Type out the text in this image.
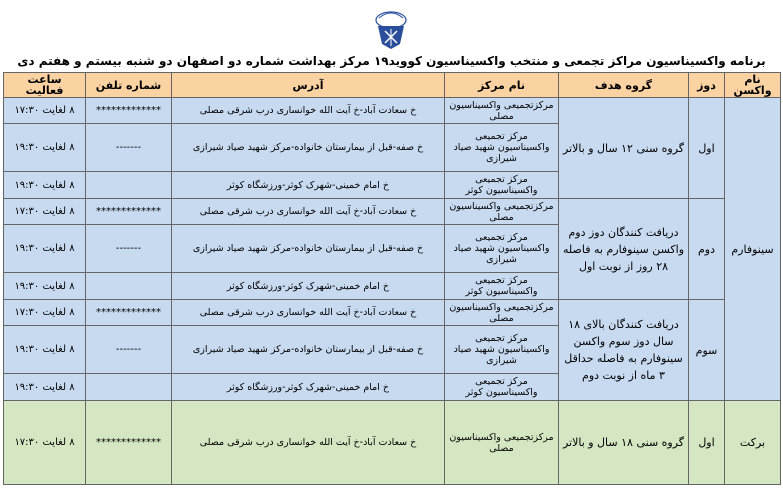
برنامه واکسیناسیون مراکز تجمعی و منتخب واکسیناسیون کووید۱۹ مرکز بهداشت شماره دو اصفهان دو شنبه بیستم و هفتم دی
نام واکسن	دوز	گروه هدف	نام مرکز	آدرس	شماره تلفن	ساعت فعالیت
سینوفارم	اول	گروه سنی ۱۲ سال و بالاتر	مرکزتجمیعی واکسیناسیون مصلی	خ سعادت آباد-خ آیت الله خوانساری درب شرقی مصلی	*************	۸ لغایت ۱۷:۳۰
			مرکز تجمیعی واکسیناسیون شهید صیاد شیرازی	خ صفه-قبل از بیمارستان خانواده-مرکز شهید صیاد شیرازی	-------	۸ لغایت ۱۹:۳۰
			مرکز تجمیعی واکسیناسیون کوثر	خ امام خمینی-شهرک کوثر-ورزشگاه کوثر		۸ لغایت ۱۹:۳۰
	دوم	دریافت کنندگان دوز دوم واکسن سینوفارم به فاصله ۲۸ روز از نوبت اول	مرکزتجمیعی واکسیناسیون مصلی	خ سعادت آباد-خ آیت الله خوانساری درب شرقی مصلی	*************	۸ لغایت ۱۷:۳۰
			مرکز تجمیعی واکسیناسیون شهید صیاد شیرازی	خ صفه-قبل از بیمارستان خانواده-مرکز شهید صیاد شیرازی	-------	۸ لغایت ۱۹:۳۰
			مرکز تجمیعی واکسیناسیون کوثر	خ امام خمینی-شهرک کوثر-ورزشگاه کوثر		۸ لغایت ۱۹:۳۰
	سوم	دریافت کنندگان بالای ۱۸ سال دوز سوم واکسن سینوفارم به فاصله حداقل ۳ ماه از نوبت دوم	مرکزتجمیعی واکسیناسیون مصلی	خ سعادت آباد-خ آیت الله خوانساری درب شرقی مصلی	*************	۸ لغایت ۱۷:۳۰
			مرکز تجمیعی واکسیناسیون شهید صیاد شیرازی	خ صفه-قبل از بیمارستان خانواده-مرکز شهید صیاد شیرازی	-------	۸ لغایت ۱۹:۳۰
			مرکز تجمیعی واکسیناسیون کوثر	خ امام خمینی-شهرک کوثر-ورزشگاه کوثر		۸ لغایت ۱۹:۳۰
برکت	اول	گروه سنی ۱۸ سال و بالاتر	مرکزتجمیعی واکسیناسیون مصلی	خ سعادت آباد-خ آیت الله خوانساری درب شرقی مصلی	*************	۸ لغایت ۱۷:۳۰
